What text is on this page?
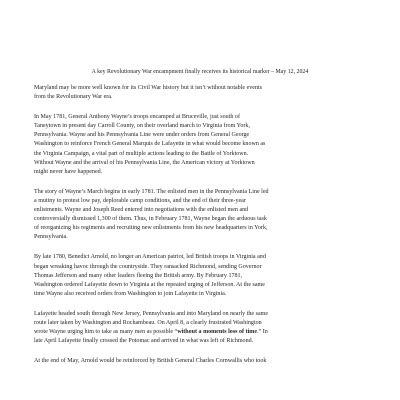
A key Revolutionary War encampment finally receives its historical marker – May 12, 2024
Maryland may be more well known for its Civil War history but it isn’t without notable events
from the Revolutionary War era.
In May 1781, General Anthony Wayne’s troops encamped at Bruceville, just south of
Taneytown in present day Carroll County, on their overland march to Virginia from York,
Pennsylvania. Wayne and his Pennsylvania Line were under orders from General George
Washington to reinforce French General Marquis de Lafayette in what would become known as
the Virginia Campaign, a vital part of multiple actions leading to the Battle of Yorktown.
Without Wayne and the arrival of his Pennsylvania Line, the American victory at Yorktown
might never have happened.
The story of Wayne’s March begins in early 1781. The enlisted men in the Pennsylvania Line led
a mutiny to protest low pay, deplorable camp conditions, and the end of their three-year
enlistments. Wayne and Joseph Reed entered into negotiations with the enlisted men and
controversially dismissed 1,300 of them. Thus, in February 1781, Wayne began the arduous task
of reorganizing his regiments and recruiting new enlistments from his new headquarters in York,
Pennsylvania.
By late 1780, Benedict Arnold, no longer an American patriot, led British troops in Virginia and
began wreaking havoc through the countryside. They ransacked Richmond, sending Governor
Thomas Jefferson and many other leaders fleeing the British army. By February 1781,
Washington ordered Lafayette down to Virginia at the repeated urging of Jefferson. At the same
time Wayne also received orders from Washington to join Lafayette in Virginia.
Lafayette headed south through New Jersey, Pennsylvania and into Maryland on nearly the same
route later taken by Washington and Rochambeau. On April 8, a clearly frustrated Washington
wrote Wayne urging him to take as many men as possible “without a moments loss of time.” In
late April Lafayette finally crossed the Potomac and arrived in what was left of Richmond.
At the end of May, Arnold would be reinforced by British General Charles Cornwallis who took
